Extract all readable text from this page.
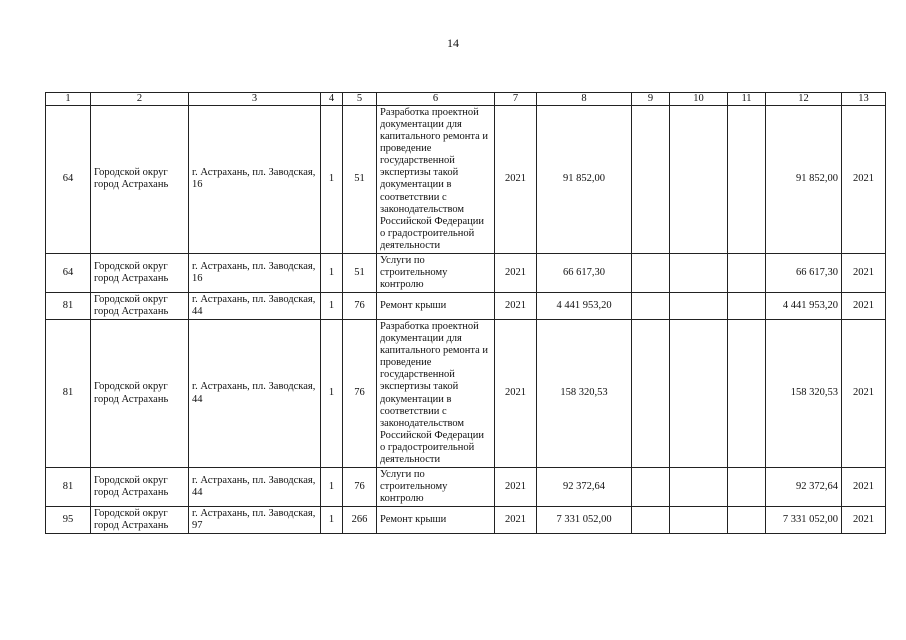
14
1	2	3	4	5	6	7	8	9	10	11	12	13
64	Городской округ город Астрахань	г. Астрахань, пл. Заводская, 16	1	51	Разработка проектной документации для капитального ремонта и проведение государственной экспертизы такой документации в соответствии с законодательством Российской Федерации о градостроительной деятельности	2021	91 852,00				91 852,00	2021
64	Городской округ город Астрахань	г. Астрахань, пл. Заводская, 16	1	51	Услуги по строительному контролю	2021	66 617,30				66 617,30	2021
81	Городской округ город Астрахань	г. Астрахань, пл. Заводская, 44	1	76	Ремонт крыши	2021	4 441 953,20				4 441 953,20	2021
81	Городской округ город Астрахань	г. Астрахань, пл. Заводская, 44	1	76	Разработка проектной документации для капитального ремонта и проведение государственной экспертизы такой документации в соответствии с законодательством Российской Федерации о градостроительной деятельности	2021	158 320,53				158 320,53	2021
81	Городской округ город Астрахань	г. Астрахань, пл. Заводская, 44	1	76	Услуги по строительному контролю	2021	92 372,64				92 372,64	2021
95	Городской округ город Астрахань	г. Астрахань, пл. Заводская, 97	1	266	Ремонт крыши	2021	7 331 052,00				7 331 052,00	2021
